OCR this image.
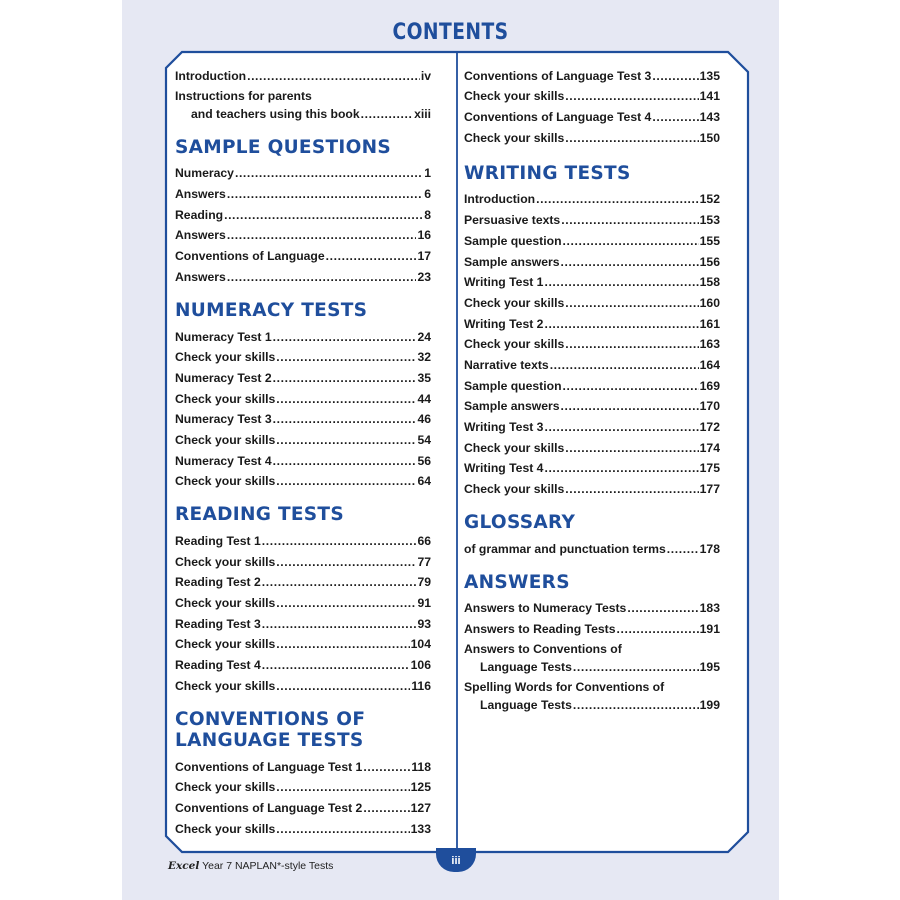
CONTENTS
Introduction .....	iv
Instructions for parents
and teachers using this book .....	xiii
SAMPLE QUESTIONS
Numeracy .....	1
Answers .....	6
Reading .....	8
Answers .....	16
Conventions of Language .....	17
Answers .....	23
NUMERACY TESTS
Numeracy Test 1 .....	24
Check your skills .....	32
Numeracy Test 2 .....	35
Check your skills .....	44
Numeracy Test 3 .....	46
Check your skills .....	54
Numeracy Test 4 .....	56
Check your skills .....	64
READING TESTS
Reading Test 1 .....	66
Check your skills .....	77
Reading Test 2 .....	79
Check your skills .....	91
Reading Test 3 .....	93
Check your skills .....	104
Reading Test 4 .....	106
Check your skills .....	116
CONVENTIONS OF
LANGUAGE TESTS
Conventions of Language Test 1 .....	118
Check your skills .....	125
Conventions of Language Test 2 .....	127
Check your skills .....	133
Conventions of Language Test 3 .....	135
Check your skills .....	141
Conventions of Language Test 4 .....	143
Check your skills .....	150
WRITING TESTS
Introduction .....	152
Persuasive texts .....	153
Sample question .....	155
Sample answers .....	156
Writing Test 1 .....	158
Check your skills .....	160
Writing Test 2 .....	161
Check your skills .....	163
Narrative texts .....	164
Sample question .....	169
Sample answers .....	170
Writing Test 3 .....	172
Check your skills .....	174
Writing Test 4 .....	175
Check your skills .....	177
GLOSSARY
of grammar and punctuation terms .....	178
ANSWERS
Answers to Numeracy Tests .....	183
Answers to Reading Tests .....	191
Answers to Conventions of
Language Tests .....	195
Spelling Words for Conventions of
Language Tests .....	199
Excel Year 7 NAPLAN*-style Tests	iii
